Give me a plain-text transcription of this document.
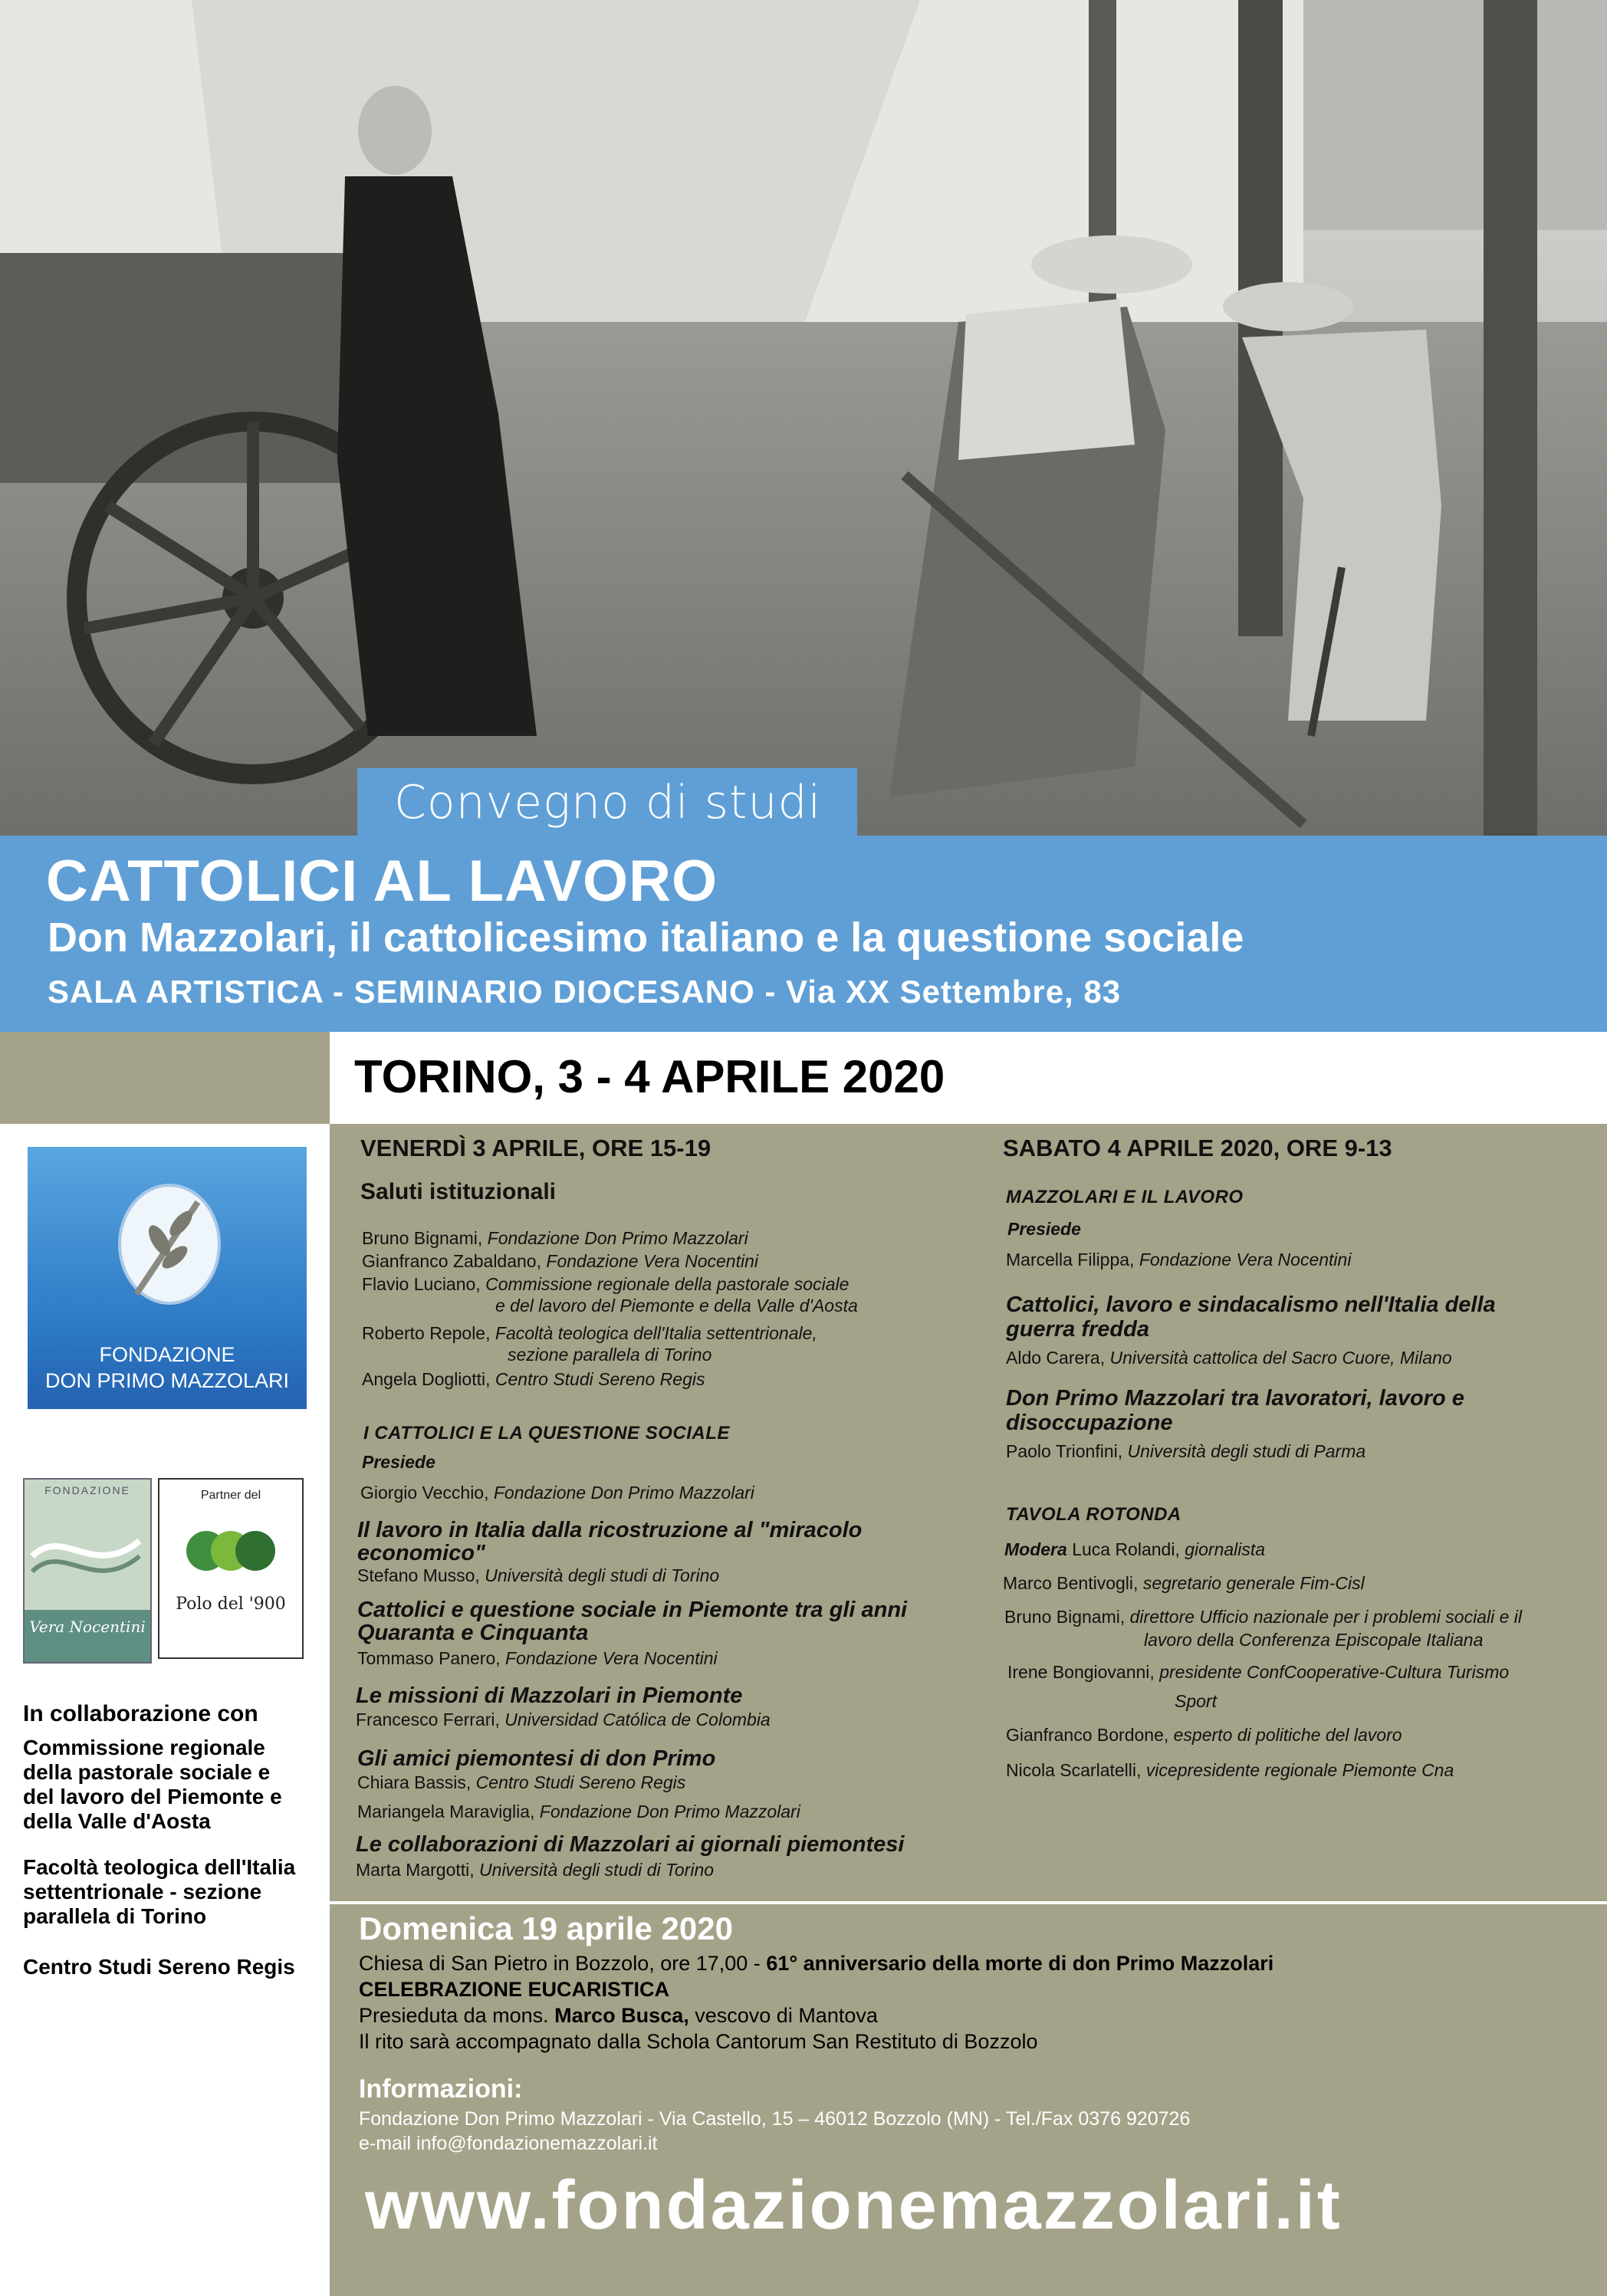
Convegno di studi
CATTOLICI AL LAVORO
Don Mazzolari, il cattolicesimo italiano e la questione sociale
SALA ARTISTICA - SEMINARIO DIOCESANO - Via XX Settembre, 83
TORINO, 3 - 4 APRILE 2020
FONDAZIONE
DON PRIMO MAZZOLARI
FONDAZIONE
Vera Nocentini
Partner del
Polo del '900
In collaborazione con
Commissione regionale
della pastorale sociale e
del lavoro del Piemonte e
della Valle d'Aosta
Facoltà teologica dell'Italia
settentrionale - sezione
parallela di Torino
Centro Studi Sereno Regis
VENERDÌ 3 APRILE, ORE 15-19
Saluti istituzionali
Bruno Bignami, Fondazione Don Primo Mazzolari
Gianfranco Zabaldano, Fondazione Vera Nocentini
Flavio Luciano, Commissione regionale della pastorale sociale
e del lavoro del Piemonte e della Valle d'Aosta
Roberto Repole, Facoltà teologica dell'Italia settentrionale,
sezione parallela di Torino
Angela Dogliotti, Centro Studi Sereno Regis
I CATTOLICI E LA QUESTIONE SOCIALE
Presiede
Giorgio Vecchio, Fondazione Don Primo Mazzolari
Il lavoro in Italia dalla ricostruzione al "miracolo
economico"
Stefano Musso, Università degli studi di Torino
Cattolici e questione sociale in Piemonte tra gli anni
Quaranta e Cinquanta
Tommaso Panero, Fondazione Vera Nocentini
Le missioni di Mazzolari in Piemonte
Francesco Ferrari, Universidad Católica de Colombia
Gli amici piemontesi di don Primo
Chiara Bassis, Centro Studi Sereno Regis
Mariangela Maraviglia, Fondazione Don Primo Mazzolari
Le collaborazioni di Mazzolari ai giornali piemontesi
Marta Margotti, Università degli studi di Torino
SABATO 4 APRILE 2020, ORE 9-13
MAZZOLARI E IL LAVORO
Presiede
Marcella Filippa, Fondazione Vera Nocentini
Cattolici, lavoro e sindacalismo nell'Italia della
guerra fredda
Aldo Carera, Università cattolica del Sacro Cuore, Milano
Don Primo Mazzolari tra lavoratori, lavoro e
disoccupazione
Paolo Trionfini, Università degli studi di Parma
TAVOLA ROTONDA
Modera Luca Rolandi, giornalista
Marco Bentivogli, segretario generale Fim-Cisl
Bruno Bignami, direttore Ufficio nazionale per i problemi sociali e il
lavoro della Conferenza Episcopale Italiana
Irene Bongiovanni, presidente ConfCooperative-Cultura Turismo
Sport
Gianfranco Bordone, esperto di politiche del lavoro
Nicola Scarlatelli, vicepresidente regionale Piemonte Cna
Domenica 19 aprile 2020
Chiesa di San Pietro in Bozzolo, ore 17,00 - 61° anniversario della morte di don Primo Mazzolari
CELEBRAZIONE EUCARISTICA
Presieduta da mons. Marco Busca, vescovo di Mantova
Il rito sarà accompagnato dalla Schola Cantorum San Restituto di Bozzolo
Informazioni:
Fondazione Don Primo Mazzolari - Via Castello, 15 – 46012 Bozzolo (MN) - Tel./Fax 0376 920726
e-mail info@fondazionemazzolari.it
www.fondazionemazzolari.it
